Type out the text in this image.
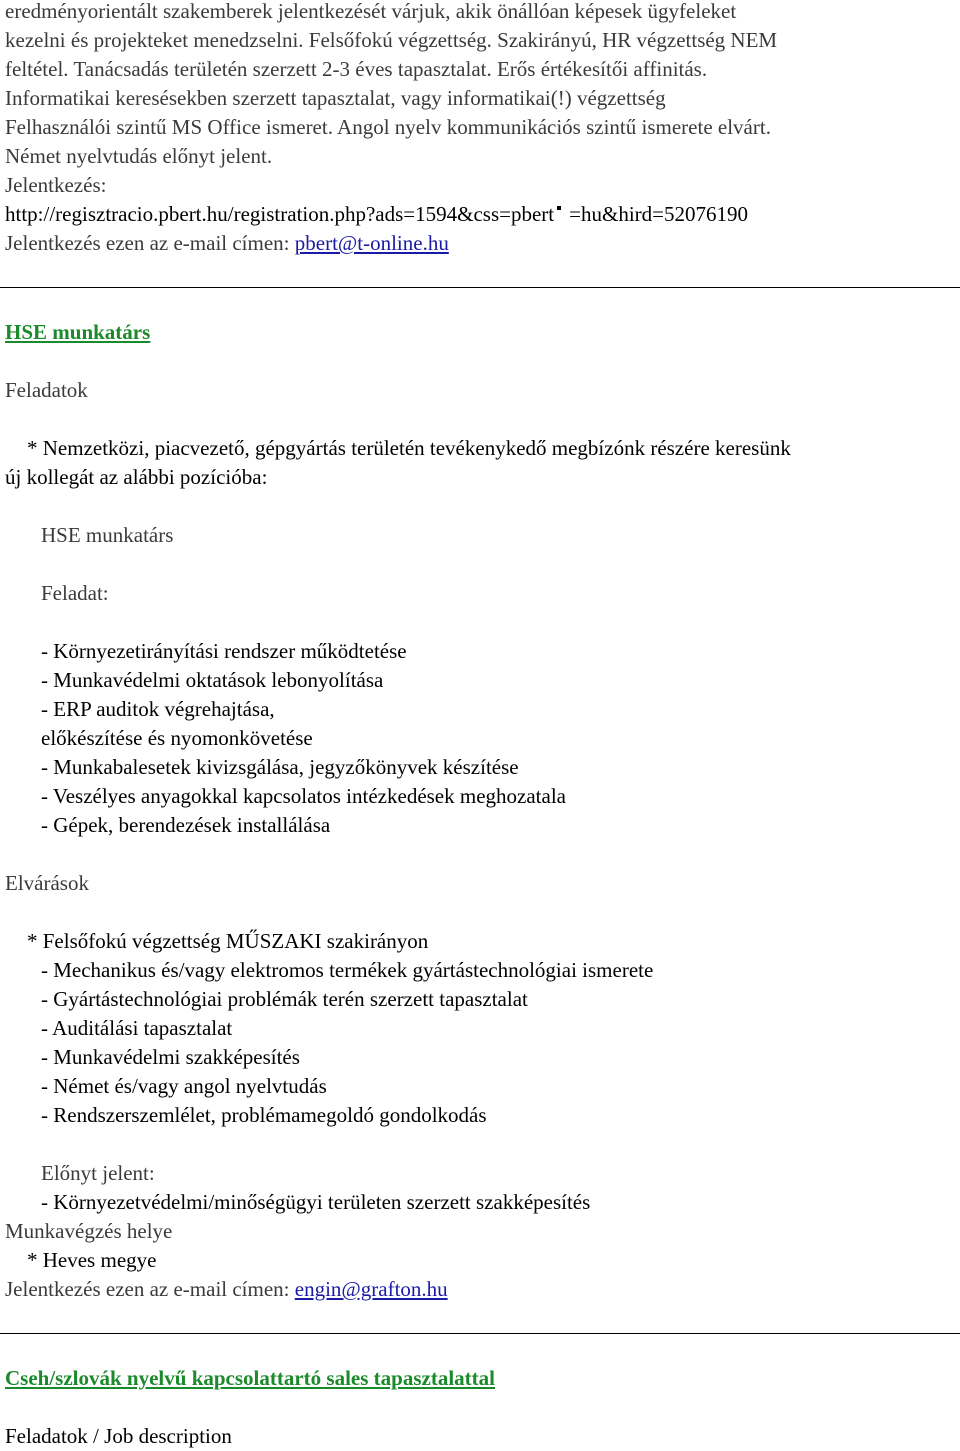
eredményorientált szakemberek jelentkezését várjuk, akik önállóan képesek ügyfeleket
kezelni és projekteket menedzselni. Felsőfokú végzettség. Szakirányú, HR végzettség NEM
feltétel. Tanácsadás területén szerzett 2-3 éves tapasztalat. Erős értékesítői affinitás.
Informatikai keresésekben szerzett tapasztalat, vagy informatikai(!) végzettség
Felhasználói szintű MS Office ismeret. Angol nyelv kommunikációs szintű ismerete elvárt.
Német nyelvtudás előnyt jelent.
Jelentkezés:
http://regisztracio.pbert.hu/registration.php?ads=1594&css=pbert =hu&hird=52076190
Jelentkezés ezen az e-mail címen: pbert@t-online.hu
HSE munkatárs
Feladatok
* Nemzetközi, piacvezető, gépgyártás területén tevékenykedő megbízónk részére keresünk
új kollegát az alábbi pozícióba:
HSE munkatárs
Feladat:
- Környezetirányítási rendszer működtetése
- Munkavédelmi oktatások lebonyolítása
- ERP auditok végrehajtása,
előkészítése és nyomonkövetése
- Munkabalesetek kivizsgálása, jegyzőkönyvek készítése
- Veszélyes anyagokkal kapcsolatos intézkedések meghozatala
- Gépek, berendezések installálása
Elvárások
* Felsőfokú végzettség MŰSZAKI szakirányon
- Mechanikus és/vagy elektromos termékek gyártástechnológiai ismerete
- Gyártástechnológiai problémák terén szerzett tapasztalat
- Auditálási tapasztalat
- Munkavédelmi szakképesítés
- Német és/vagy angol nyelvtudás
- Rendszerszemlélet, problémamegoldó gondolkodás
Előnyt jelent:
- Környezetvédelmi/minőségügyi területen szerzett szakképesítés
Munkavégzés helye
* Heves megye
Jelentkezés ezen az e-mail címen: engin@grafton.hu
Cseh/szlovák nyelvű kapcsolattartó sales tapasztalattal
Feladatok / Job description
